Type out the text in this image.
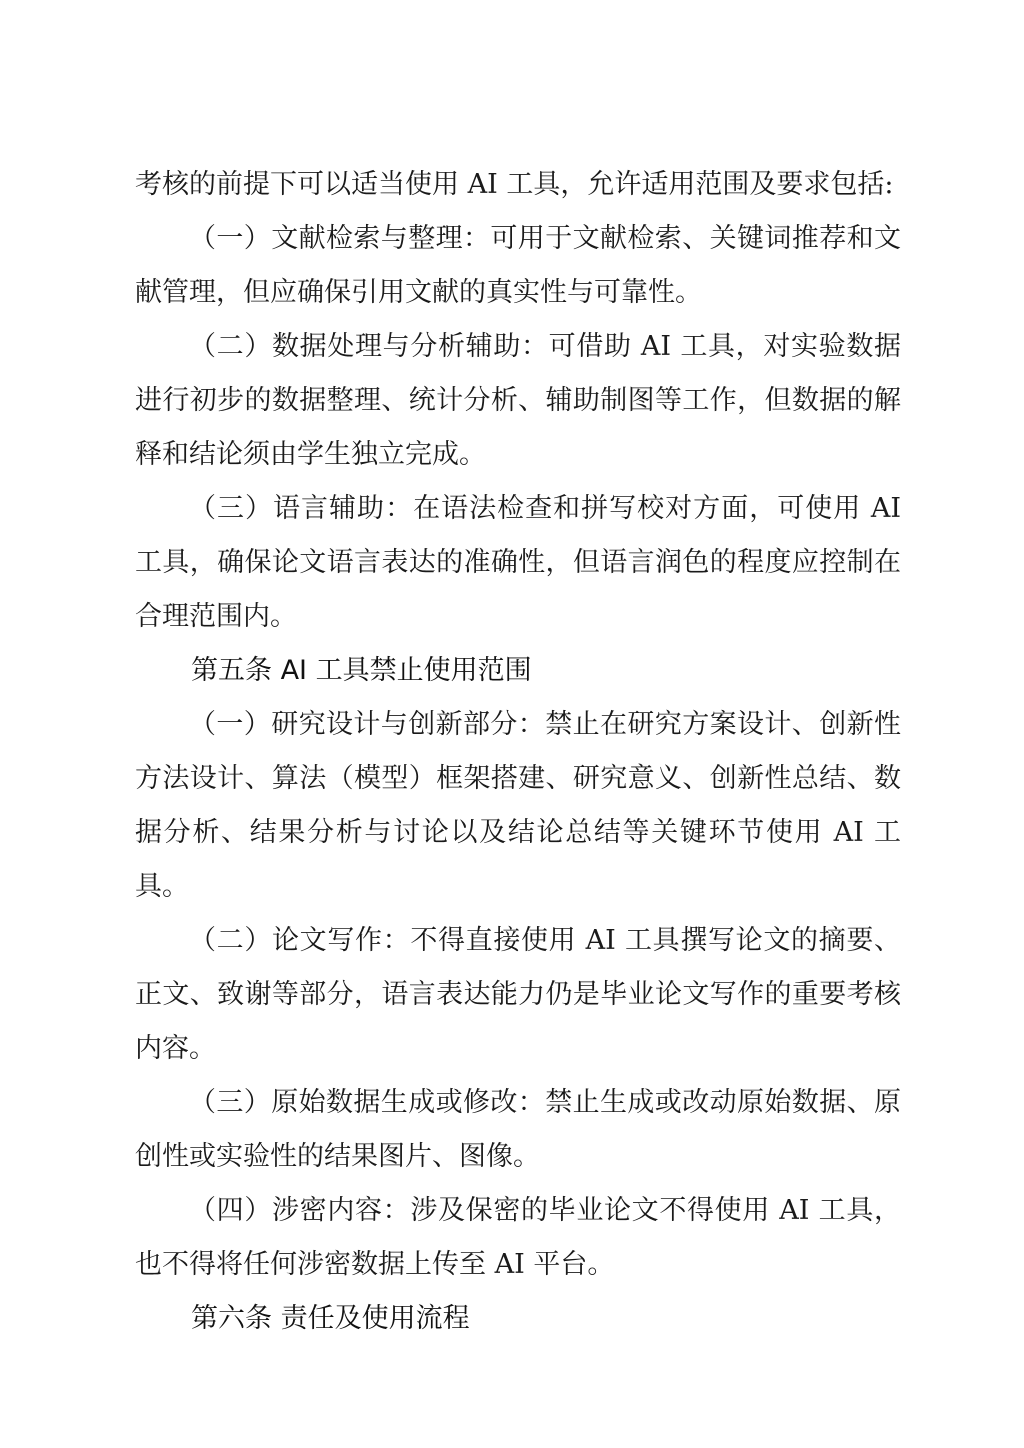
考核的前提下可以适当使用 AI 工具，允许适用范围及要求包括:

（一）文献检索与整理：可用于文献检索、关键词推荐和文献管理，但应确保引用文献的真实性与可靠性。

（二）数据处理与分析辅助：可借助 AI 工具，对实验数据进行初步的数据整理、统计分析、辅助制图等工作，但数据的解释和结论须由学生独立完成。

（三）语言辅助：在语法检查和拼写校对方面，可使用 AI 工具，确保论文语言表达的准确性，但语言润色的程度应控制在合理范围内。

第五条 AI 工具禁止使用范围

（一）研究设计与创新部分：禁止在研究方案设计、创新性方法设计、算法（模型）框架搭建、研究意义、创新性总结、数据分析、结果分析与讨论以及结论总结等关键环节使用 AI 工具。

（二）论文写作：不得直接使用 AI 工具撰写论文的摘要、正文、致谢等部分，语言表达能力仍是毕业论文写作的重要考核内容。

（三）原始数据生成或修改：禁止生成或改动原始数据、原创性或实验性的结果图片、图像。

（四）涉密内容：涉及保密的毕业论文不得使用 AI 工具，也不得将任何涉密数据上传至 AI 平台。

第六条 责任及使用流程
